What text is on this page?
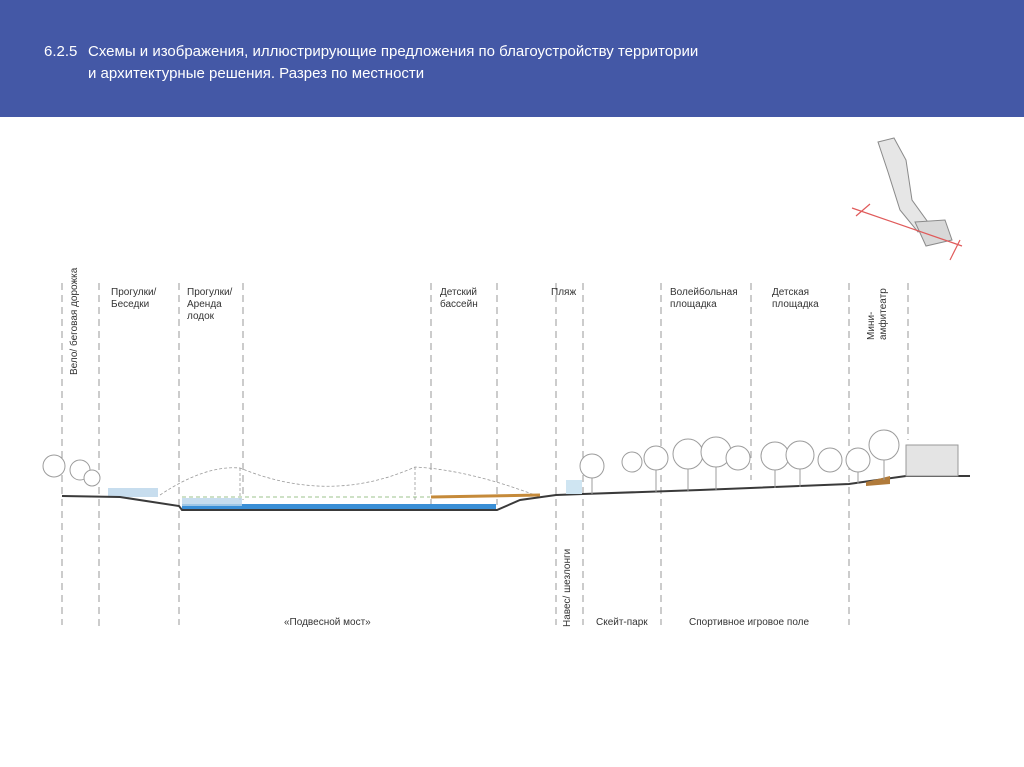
6.2.5 Схемы и изображения, иллюстрирующие предложения по благоустройству территории
и архитектурные решения. Разрез по местности
Вело/ беговая дорожка	Прогулки/
Беседки
Прогулки/
Аренда
лодок
Детский
бассейн
Пляж	Волейбольная
площадка
Детская
площадка
Мини-
амфитеатр
«Подвесной мост»	Навес/ шезлонги Скейт-парк	Спортивное игровое поле
